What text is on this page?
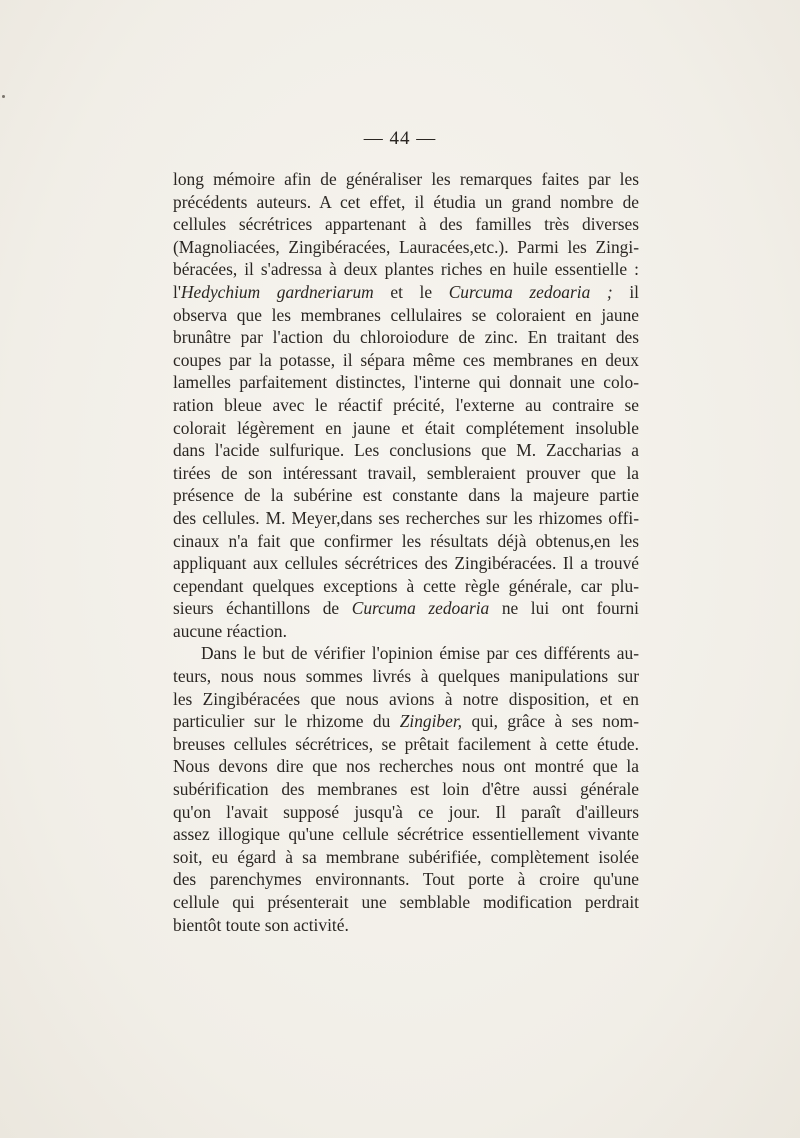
— 44 —
long mémoire afin de généraliser les remarques faites par les
précédents auteurs. A cet effet, il étudia un grand nombre de
cellules sécrétrices appartenant à des familles très diverses
(Magnoliacées, Zingibéracées, Lauracées,etc.). Parmi les Zingi-
béracées, il s'adressa à deux plantes riches en huile essentielle :
l'Hedychium gardneriarum et le Curcuma zedoaria ; il
observa que les membranes cellulaires se coloraient en jaune
brunâtre par l'action du chloroiodure de zinc. En traitant des
coupes par la potasse, il sépara même ces membranes en deux
lamelles parfaitement distinctes, l'interne qui donnait une colo-
ration bleue avec le réactif précité, l'externe au contraire se
colorait légèrement en jaune et était complétement insoluble
dans l'acide sulfurique. Les conclusions que M. Zaccharias a
tirées de son intéressant travail, sembleraient prouver que la
présence de la subérine est constante dans la majeure partie
des cellules. M. Meyer,dans ses recherches sur les rhizomes offi-
cinaux n'a fait que confirmer les résultats déjà obtenus,en les
appliquant aux cellules sécrétrices des Zingibéracées. Il a trouvé
cependant quelques exceptions à cette règle générale, car plu-
sieurs échantillons de Curcuma zedoaria ne lui ont fourni
aucune réaction.
Dans le but de vérifier l'opinion émise par ces différents au-
teurs, nous nous sommes livrés à quelques manipulations sur
les Zingibéracées que nous avions à notre disposition, et en
particulier sur le rhizome du Zingiber, qui, grâce à ses nom-
breuses cellules sécrétrices, se prêtait facilement à cette étude.
Nous devons dire que nos recherches nous ont montré que la
subérification des membranes est loin d'être aussi générale
qu'on l'avait supposé jusqu'à ce jour. Il paraît d'ailleurs
assez illogique qu'une cellule sécrétrice essentiellement vivante
soit, eu égard à sa membrane subérifiée, complètement isolée
des parenchymes environnants. Tout porte à croire qu'une
cellule qui présenterait une semblable modification perdrait
bientôt toute son activité.
